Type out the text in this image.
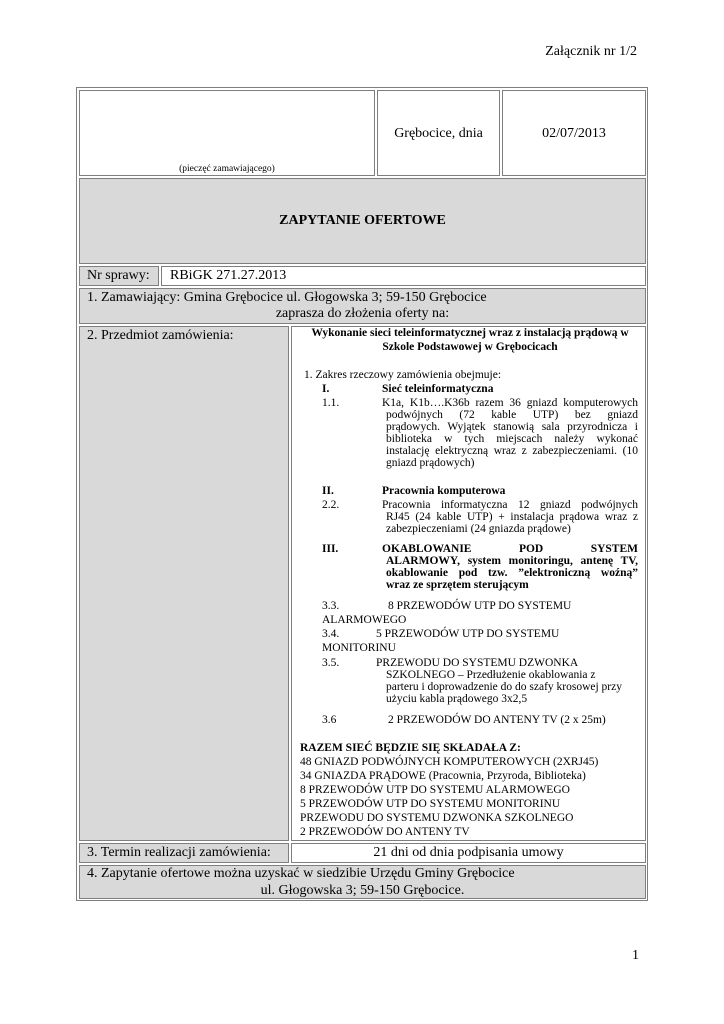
Załącznik nr 1/2
(pieczęć zamawiającego)
Grębocice, dnia	02/07/2013
ZAPYTANIE OFERTOWE
Nr sprawy: RBiGK 271.27.2013
1. Zamawiający: Gmina Grębocice ul. Głogowska 3; 59-150 Grębocice
zaprasza do złożenia oferty na:
2. Przedmiot zamówienia:	Wykonanie sieci teleinformatycznej wraz z instalacją prądową w
Szkole Podstawowej w Grębocicach
1. Zakres rzeczowy zamówienia obejmuje:
I.	Sieć teleinformatyczna
1.1.	K1a, K1b….K36b razem 36 gniazd komputerowych
podwójnych (72 kable UTP) bez gniazd
prądowych. Wyjątek stanowią sala przyrodnicza i
biblioteka w tych miejscach należy wykonać
instalację elektryczną wraz z zabezpieczeniami. (10
gniazd prądowych)
II.	Pracownia komputerowa
2.2.	Pracownia informatyczna 12 gniazd podwójnych
RJ45 (24 kable UTP) + instalacja prądowa wraz z
zabezpieczeniami (24 gniazda prądowe)
III.	OKABLOWANIE POD SYSTEM
ALARMOWY, system monitoringu, antenę TV,
okablowanie pod tzw. ”elektroniczną woźną”
wraz ze sprzętem sterującym
3.3.	8 PRZEWODÓW UTP DO SYSTEMU
ALARMOWEGO
3.4.	5 PRZEWODÓW UTP DO SYSTEMU
MONITORINU
3.5.	PRZEWODU DO SYSTEMU DZWONKA
SZKOLNEGO – Przedłużenie okablowania z
parteru i doprowadzenie do do szafy krosowej przy
użyciu kabla prądowego 3x2,5
3.6	2 PRZEWODÓW DO ANTENY TV (2 x 25m)
RAZEM SIEĆ BĘDZIE SIĘ SKŁADAŁA Z:
48 GNIAZD PODWÓJNYCH KOMPUTEROWYCH (2XRJ45)
34 GNIAZDA PRĄDOWE (Pracownia, Przyroda, Biblioteka)
8 PRZEWODÓW UTP DO SYSTEMU ALARMOWEGO
5 PRZEWODÓW UTP DO SYSTEMU MONITORINU
PRZEWODU DO SYSTEMU DZWONKA SZKOLNEGO
2 PRZEWODÓW DO ANTENY TV
3. Termin realizacji zamówienia:	21 dni od dnia podpisania umowy
4. Zapytanie ofertowe można uzyskać w siedzibie Urzędu Gminy Grębocice
ul. Głogowska 3; 59-150 Grębocice.
1
